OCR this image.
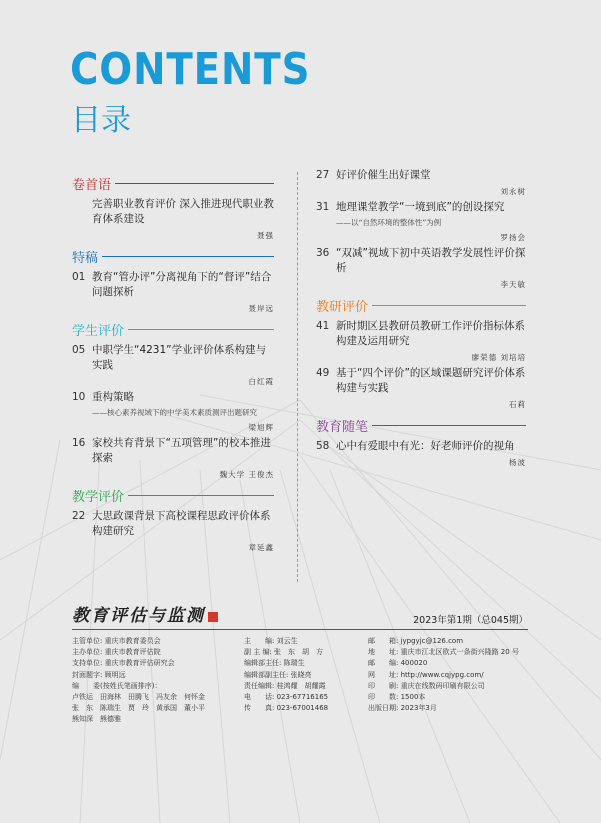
CONTENTS
目录
卷首语
完善职业教育评价 深入推进现代职业教育体系建设
聂强
特稿
01 教育“管办评”分离视角下的“督评”结合问题探析
聂岸远
学生评价
05 中职学生“4231”学业评价体系构建与实践
白红霞
10 重构策略
——核心素养视域下的中学美术素质测评出题研究
梁旭辉
16 家校共育背景下“五项管理”的校本推进探索
魏大学 王俊杰
教学评价
22 大思政课背景下高校课程思政评价体系构建研究
章延鑫
27 好评价催生出好课堂
刘永树
31 地理课堂教学“一境到底”的创设探究
——以“自然环境的整体性”为例
罗扬会
36 “双减”视域下初中英语教学发展性评价探析
李天敏
教研评价
41 新时期区县教研员教研工作评价指标体系构建及运用研究
廖荣德 刘培培
49 基于“四个评价”的区域课题研究评价体系构建与实践
石莉
教育随笔
58 心中有爱眼中有光：好老师评价的视角
杨波
教育评估与监测	2023年第1期（总045期）
主管单位: 重庆市教育委员会
主办单位: 重庆市教育评估院
支持单位: 重庆市教育评估研究会
封面题字: 顾明远
编　　委(按姓氏笔画排序)：
卢铁运　田海林　田腾飞　冯友余　何怀金
张　东　陈瑞生　贾　玲　黄承国　董小平
熊知深　熊德雅
主　　编: 刘云生
副 主 编: 张　东　胡　方
编辑部主任: 陈瑞生
编辑部副主任: 张晓亮
责任编辑: 桂鸿耀　胡耀霞
电　　话: 023-67716165
传　　真: 023-67001468
邮　　箱: jypgyjc@126.com
地　　址: 重庆市江北区欧式一条街兴隆路 20 号
邮　　编: 400020
网　　址: http://www.cqjypg.com/
印　　刷: 重庆在线数码印刷有限公司
印　　数: 1500本
出版日期: 2023年3月
